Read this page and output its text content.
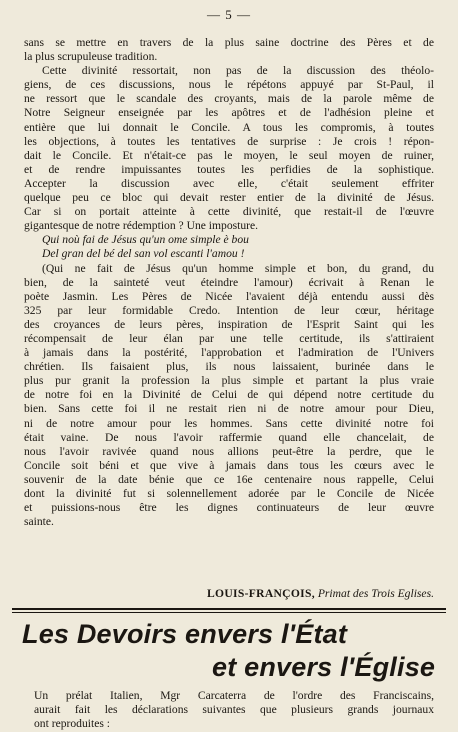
— 5 —
sans se mettre en travers de la plus saine doctrine des Pères et de
la plus scrupuleuse tradition.
Cette divinité ressortait, non pas de la discussion des théolo-
giens, de ces discussions, nous le répétons appuyé par St-Paul, il
ne ressort que le scandale des croyants, mais de la parole même de
Notre Seigneur enseignée par les apôtres et de l'adhésion pleine et
entière que lui donnait le Concile. A tous les compromis, à toutes
les objections, à toutes les tentatives de surprise : Je crois ! répon-
dait le Concile. Et n'était-ce pas le moyen, le seul moyen de ruiner,
et de rendre impuissantes toutes les perfidies de la sophistique.
Accepter la discussion avec elle, c'était seulement effriter
quelque peu ce bloc qui devait rester entier de la divinité de Jésus.
Car si on portait atteinte à cette divinité, que restait-il de l'œuvre
gigantesque de notre rédemption ? Une imposture.
Qui noù fai de Jésus qu'un ome simple è bou
Del gran del bé del san vol escanti l'amou !
(Qui ne fait de Jésus qu'un homme simple et bon, du grand, du
bien, de la sainteté veut éteindre l'amour) écrivait à Renan le
poète Jasmin. Les Pères de Nicée l'avaient déjà entendu aussi dès
325 par leur formidable Credo. Intention de leur cœur, héritage
des croyances de leurs pères, inspiration de l'Esprit Saint qui les
récompensait de leur élan par une telle certitude, ils s'attiraient
à jamais dans la postérité, l'approbation et l'admiration de l'Univers
chrétien. Ils faisaient plus, ils nous laissaient, burinée dans le
plus pur granit la profession la plus simple et partant la plus vraie
de notre foi en la Divinité de Celui de qui dépend notre certitude du
bien. Sans cette foi il ne restait rien ni de notre amour pour Dieu,
ni de notre amour pour les hommes. Sans cette divinité notre foi
était vaine. De nous l'avoir raffermie quand elle chancelait, de
nous l'avoir ravivée quand nous allions peut-être la perdre, que le
Concile soit béni et que vive à jamais dans tous les cœurs avec le
souvenir de la date bénie que ce 16e centenaire nous rappelle, Celui
dont la divinité fut si solennellement adorée par le Concile de Nicée
et puissions-nous être les dignes continuateurs de leur œuvre
sainte.
LOUIS-FRANÇOIS, Primat des Trois Eglises.
Les Devoirs envers l'État
et envers l'Église
Un prélat Italien, Mgr Carcaterra de l'ordre des Franciscains,
aurait fait les déclarations suivantes que plusieurs grands journaux
ont reproduites :
